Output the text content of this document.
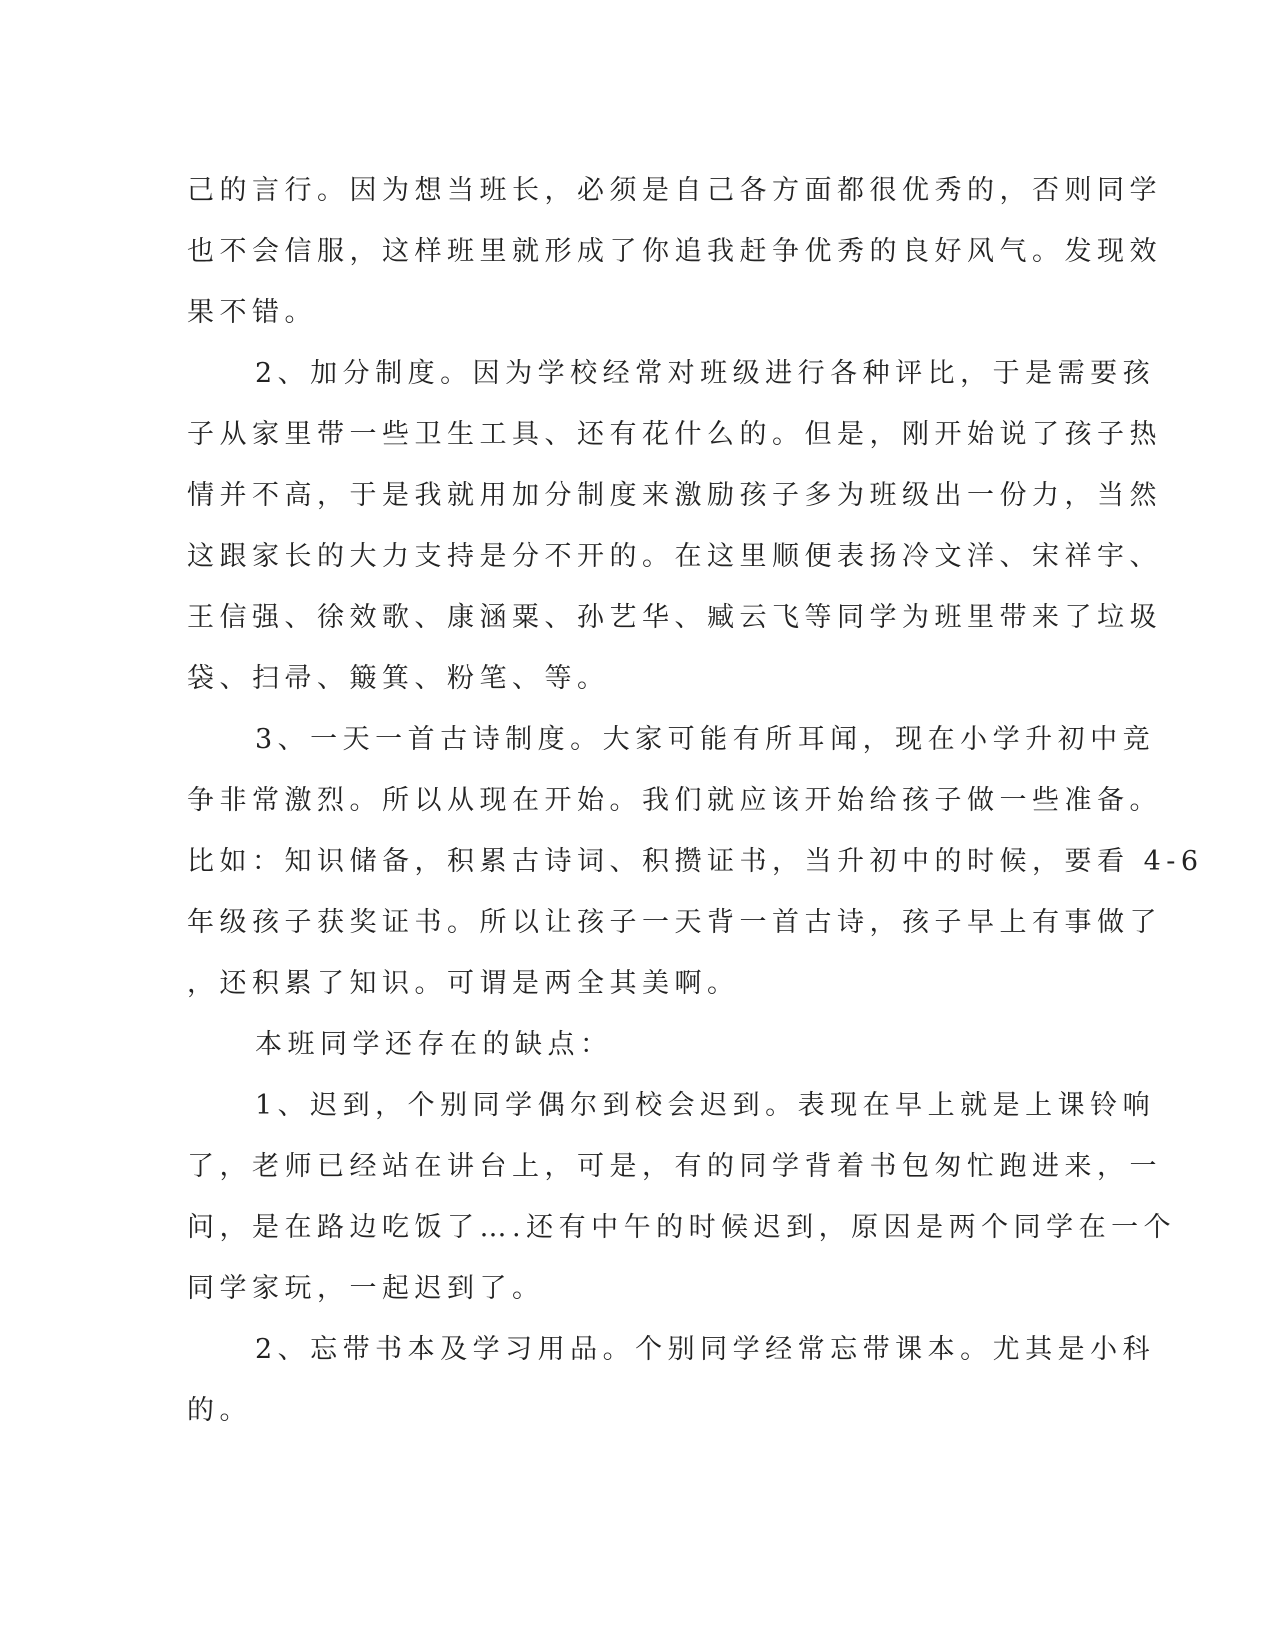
己的言行。因为想当班长，必须是自己各方面都很优秀的，否则同学
也不会信服，这样班里就形成了你追我赶争优秀的良好风气。发现效
果不错。
2、加分制度。因为学校经常对班级进行各种评比，于是需要孩
子从家里带一些卫生工具、还有花什么的。但是，刚开始说了孩子热
情并不高，于是我就用加分制度来激励孩子多为班级出一份力，当然
这跟家长的大力支持是分不开的。在这里顺便表扬冷文洋、宋祥宇、
王信强、徐效歌、康涵粟、孙艺华、臧云飞等同学为班里带来了垃圾
袋、扫帚、簸箕、粉笔、等。
3、一天一首古诗制度。大家可能有所耳闻，现在小学升初中竞
争非常激烈。所以从现在开始。我们就应该开始给孩子做一些准备。
比如：知识储备，积累古诗词、积攒证书，当升初中的时候，要看 4-6
年级孩子获奖证书。所以让孩子一天背一首古诗，孩子早上有事做了
，还积累了知识。可谓是两全其美啊。
本班同学还存在的缺点：
1、迟到，个别同学偶尔到校会迟到。表现在早上就是上课铃响
了，老师已经站在讲台上，可是，有的同学背着书包匆忙跑进来，一
问，是在路边吃饭了….还有中午的时候迟到，原因是两个同学在一个
同学家玩，一起迟到了。
2、忘带书本及学习用品。个别同学经常忘带课本。尤其是小科
的。
